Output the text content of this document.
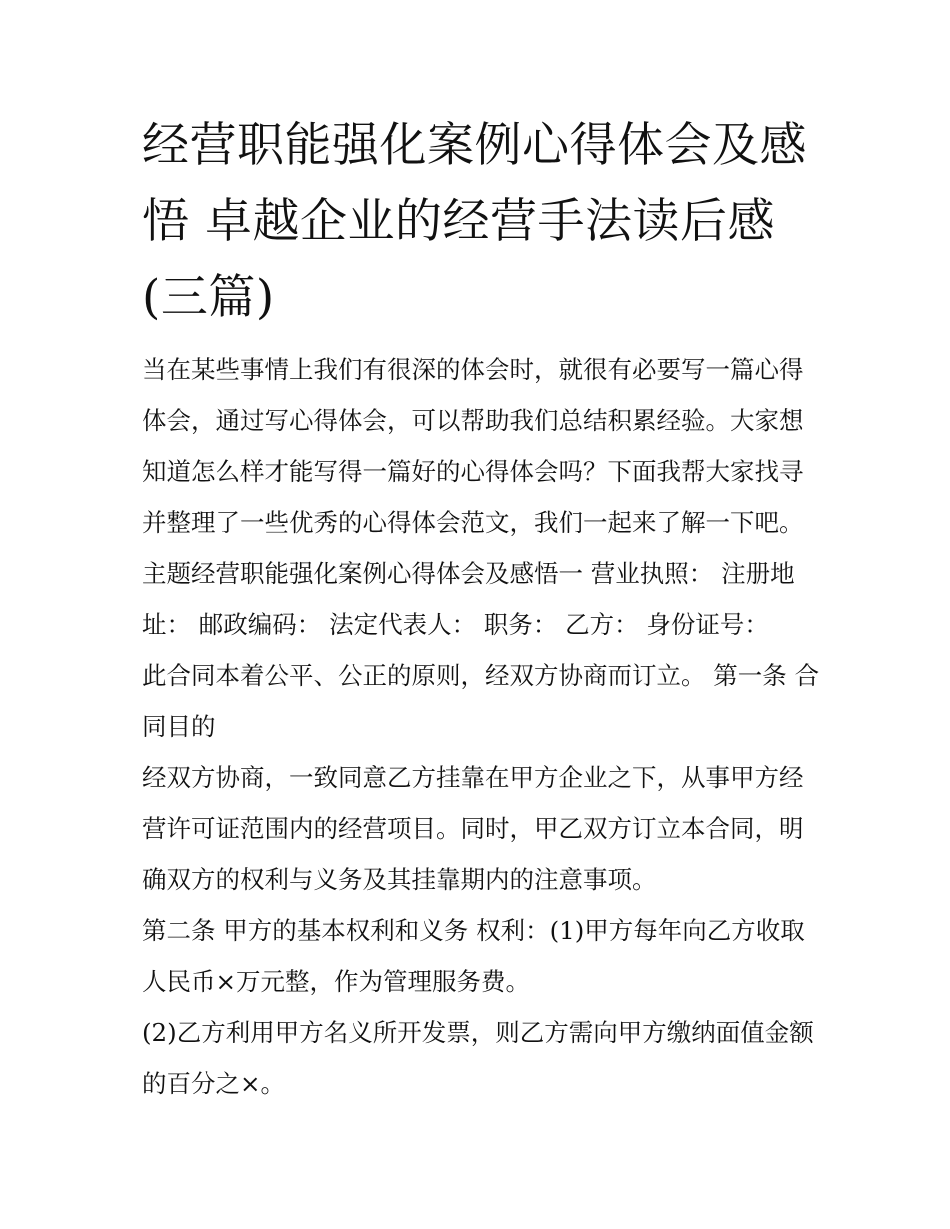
经营职能强化案例心得体会及感悟 卓越企业的经营手法读后感(三篇)

当在某些事情上我们有很深的体会时，就很有必要写一篇心得体会，通过写心得体会，可以帮助我们总结积累经验。大家想知道怎么样才能写得一篇好的心得体会吗？下面我帮大家找寻并整理了一些优秀的心得体会范文，我们一起来了解一下吧。

主题经营职能强化案例心得体会及感悟一 营业执照： 注册地址： 邮政编码： 法定代表人： 职务： 乙方： 身份证号：

此合同本着公平、公正的原则，经双方协商而订立。 第一条 合同目的

经双方协商，一致同意乙方挂靠在甲方企业之下，从事甲方经营许可证范围内的经营项目。同时，甲乙双方订立本合同，明确双方的权利与义务及其挂靠期内的注意事项。

第二条 甲方的基本权利和义务 权利：(1)甲方每年向乙方收取人民币×万元整，作为管理服务费。

(2)乙方利用甲方名义所开发票，则乙方需向甲方缴纳面值金额的百分之×。
